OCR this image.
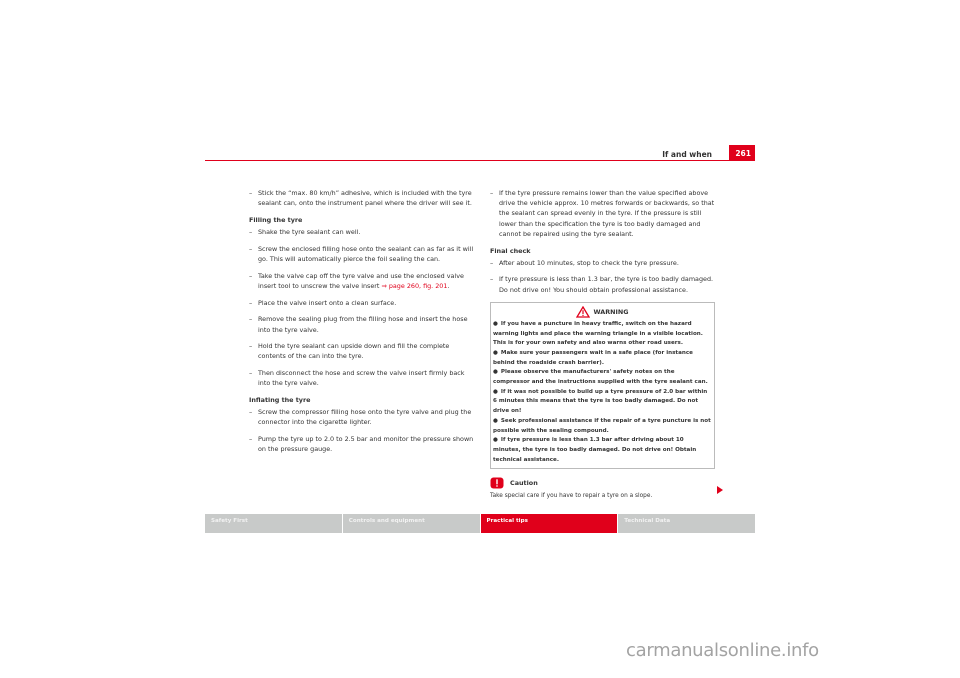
If and when	261
– Stick the “max. 80 km/h” adhesive, which is included with the tyre sealant can, onto the instrument panel where the driver will see it.
Filling the tyre
– Shake the tyre sealant can well.
– Screw the enclosed filling hose onto the sealant can as far as it will go. This will automatically pierce the foil sealing the can.
– Take the valve cap off the tyre valve and use the enclosed valve insert tool to unscrew the valve insert ⇒ page 260, fig. 201.
– Place the valve insert onto a clean surface.
– Remove the sealing plug from the filling hose and insert the hose into the tyre valve.
– Hold the tyre sealant can upside down and fill the complete contents of the can into the tyre.
– Then disconnect the hose and screw the valve insert firmly back into the tyre valve.
Inflating the tyre
– Screw the compressor filling hose onto the tyre valve and plug the connector into the cigarette lighter.
– Pump the tyre up to 2.0 to 2.5 bar and monitor the pressure shown on the pressure gauge.
– If the tyre pressure remains lower than the value specified above drive the vehicle approx. 10 metres forwards or backwards, so that the sealant can spread evenly in the tyre. If the pressure is still lower than the specification the tyre is too badly damaged and cannot be repaired using the tyre sealant.
Final check
– After about 10 minutes, stop to check the tyre pressure.
– If tyre pressure is less than 1.3 bar, the tyre is too badly damaged. Do not drive on! You should obtain professional assistance.
WARNING
● If you have a puncture in heavy traffic, switch on the hazard warning lights and place the warning triangle in a visible location. This is for your own safety and also warns other road users.
● Make sure your passengers wait in a safe place (for instance behind the roadside crash barrier).
● Please observe the manufacturers' safety notes on the compressor and the instructions supplied with the tyre sealant can.
● If it was not possible to build up a tyre pressure of 2.0 bar within 6 minutes this means that the tyre is too badly damaged. Do not drive on!
● Seek professional assistance if the repair of a tyre puncture is not possible with the sealing compound.
● If tyre pressure is less than 1.3 bar after driving about 10 minutes, the tyre is too badly damaged. Do not drive on! Obtain technical assistance.
Caution
Take special care if you have to repair a tyre on a slope.
Safety First	Controls and equipment	Practical tips	Technical Data
carmanualsonline.info
